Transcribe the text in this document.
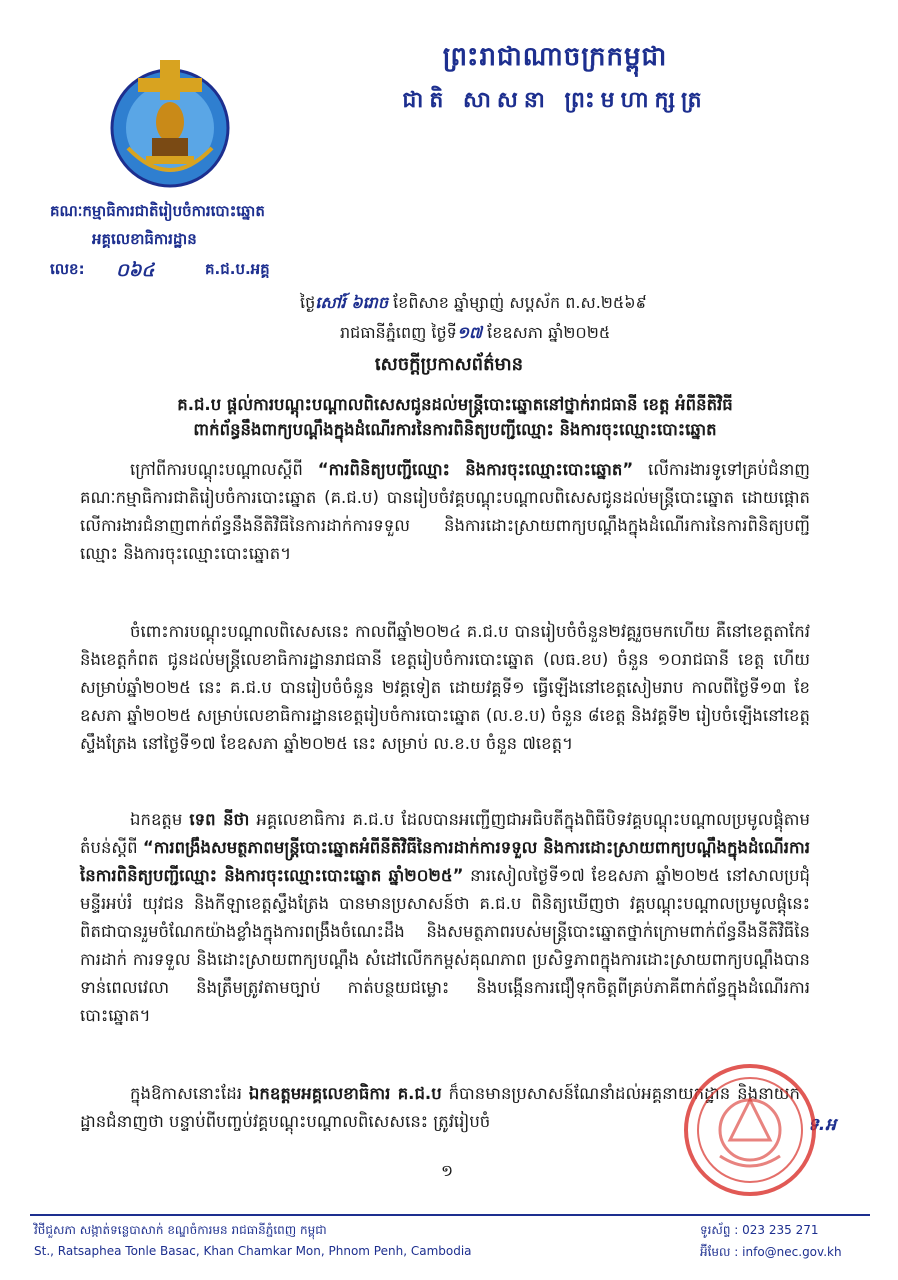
ព្រះរាជាណាចក្រកម្ពុជា
ជាតិ សាសនា ព្រះមហាក្សត្រ
គណៈកម្មាធិការជាតិរៀបចំការបោះឆ្នោត
អគ្គលេខាធិការដ្ឋាន
លេខ: ០៦៤	គ.ជ.ប.អគ្គ
ថ្ងៃសៅរ៍ ៦រោច ខែពិសាខ ឆ្នាំម្សាញ់ សប្តស័ក ព.ស.២៥៦៩
រាជធានីភ្នំពេញ ថ្ងៃទី១៧ ខែឧសភា ឆ្នាំ២០២៥
សេចក្តីប្រកាសព័ត៌មាន
គ.ជ.ប ផ្តល់ការបណ្តុះបណ្តាលពិសេសជូនដល់មន្ត្រីបោះឆ្នោតនៅថ្នាក់រាជធានី ខេត្ត អំពីនីតិវិធី
ពាក់ព័ន្ធនឹងពាក្យបណ្តឹងក្នុងដំណើរការនៃការពិនិត្យបញ្ជីឈ្មោះ និងការចុះឈ្មោះបោះឆ្នោត
ក្រៅពីការបណ្តុះបណ្តាលស្តីពី “ការពិនិត្យបញ្ជីឈ្មោះ និងការចុះឈ្មោះបោះឆ្នោត” លើការងារទូទៅគ្រប់ជំនាញ គណៈកម្មាធិការជាតិរៀបចំការបោះឆ្នោត (គ.ជ.ប) បានរៀបចំវគ្គបណ្តុះបណ្តាលពិសេសជូនដល់មន្ត្រីបោះឆ្នោត ដោយផ្តោតលើការងារជំនាញពាក់ព័ន្ធនឹងនីតិវិធីនៃការដាក់ការទទួល និងការដោះស្រាយពាក្យបណ្តឹងក្នុងដំណើរការនៃការពិនិត្យបញ្ជីឈ្មោះ និងការចុះឈ្មោះបោះឆ្នោត។
ចំពោះការបណ្តុះបណ្តាលពិសេសនេះ កាលពីឆ្នាំ២០២៤ គ.ជ.ប បានរៀបចំចំនួន២វគ្គរួចមកហើយ គឺនៅខេត្តតាកែវ និងខេត្តកំពត ជូនដល់មន្ត្រីលេខាធិការដ្ឋានរាជធានី ខេត្តរៀបចំការបោះឆ្នោត (លធ.ខប) ចំនួន ១០រាជធានី ខេត្ត ហើយសម្រាប់ឆ្នាំ២០២៥ នេះ គ.ជ.ប បានរៀបចំចំនួន ២វគ្គទៀត ដោយវគ្គទី១ ធ្វើឡើងនៅខេត្តសៀមរាប កាលពីថ្ងៃទី១៣ ខែឧសភា ឆ្នាំ២០២៥ សម្រាប់លេខាធិការដ្ឋានខេត្តរៀបចំការបោះឆ្នោត (ល.ខ.ប) ចំនួន ៨ខេត្ត និងវគ្គទី២ រៀបចំឡើងនៅខេត្តស្ទឹងត្រែង នៅថ្ងៃទី១៧ ខែឧសភា ឆ្នាំ២០២៥ នេះ សម្រាប់ ល.ខ.ប ចំនួន ៧ខេត្ត។
ឯកឧត្តម ទេព នីថា អគ្គលេខាធិការ គ.ជ.ប ដែលបានអញ្ជើញជាអធិបតីក្នុងពិធីបិទវគ្គបណ្តុះបណ្តាលប្រមូលផ្តុំតាមតំបន់ស្តីពី “ការពង្រឹងសមត្ថភាពមន្ត្រីបោះឆ្នោតអំពីនីតិវិធីនៃការដាក់ការទទួល និងការដោះស្រាយពាក្យបណ្តឹងក្នុងដំណើរការនៃការពិនិត្យបញ្ជីឈ្មោះ និងការចុះឈ្មោះបោះឆ្នោត ឆ្នាំ២០២៥” នារសៀលថ្ងៃទី១៧ ខែឧសភា ឆ្នាំ២០២៥ នៅសាលប្រជុំមន្ទីរអប់រំ យុវជន និងកីឡាខេត្តស្ទឹងត្រែង បានមានប្រសាសន៍ថា គ.ជ.ប ពិនិត្យឃើញថា វគ្គបណ្តុះបណ្តាលប្រមូលផ្តុំនេះពិតជាបានរួមចំណែកយ៉ាងខ្លាំងក្នុងការពង្រឹងចំណេះដឹង និងសមត្ថភាពរបស់មន្ត្រីបោះឆ្នោតថ្នាក់ក្រោមពាក់ព័ន្ធនឹងនីតិវិធីនៃការដាក់ ការទទួល និងដោះស្រាយពាក្យបណ្តឹង សំដៅលើកកម្ពស់គុណភាព ប្រសិទ្ធភាពក្នុងការដោះស្រាយពាក្យបណ្តឹងបានទាន់ពេលវេលា និងត្រឹមត្រូវតាមច្បាប់ កាត់បន្ថយជម្លោះ និងបង្កើនការជឿទុកចិត្តពីគ្រប់ភាគីពាក់ព័ន្ធក្នុងដំណើរការបោះឆ្នោត។
ក្នុងឱកាសនោះដែរ ឯកឧត្តមអគ្គលេខាធិការ គ.ជ.ប ក៏បានមានប្រសាសន៍ណែនាំដល់អគ្គនាយកដ្ឋាន និងនាយកដ្ឋានជំនាញថា បន្ទាប់ពីបញ្ចប់វគ្គបណ្តុះបណ្តាលពិសេសនេះ ត្រូវរៀបចំ	ទ.អ
១
វិថីជួសភា សង្កាត់ទន្លេបាសាក់ ខណ្ឌចំការមន រាជធានីភ្នំពេញ កម្ពុជា
St., Ratsaphea Tonle Basac, Khan Chamkar Mon, Phnom Penh, Cambodia
ទូរស័ព្ទ : 023 235 271
អ៊ីមែល : info@nec.gov.kh
